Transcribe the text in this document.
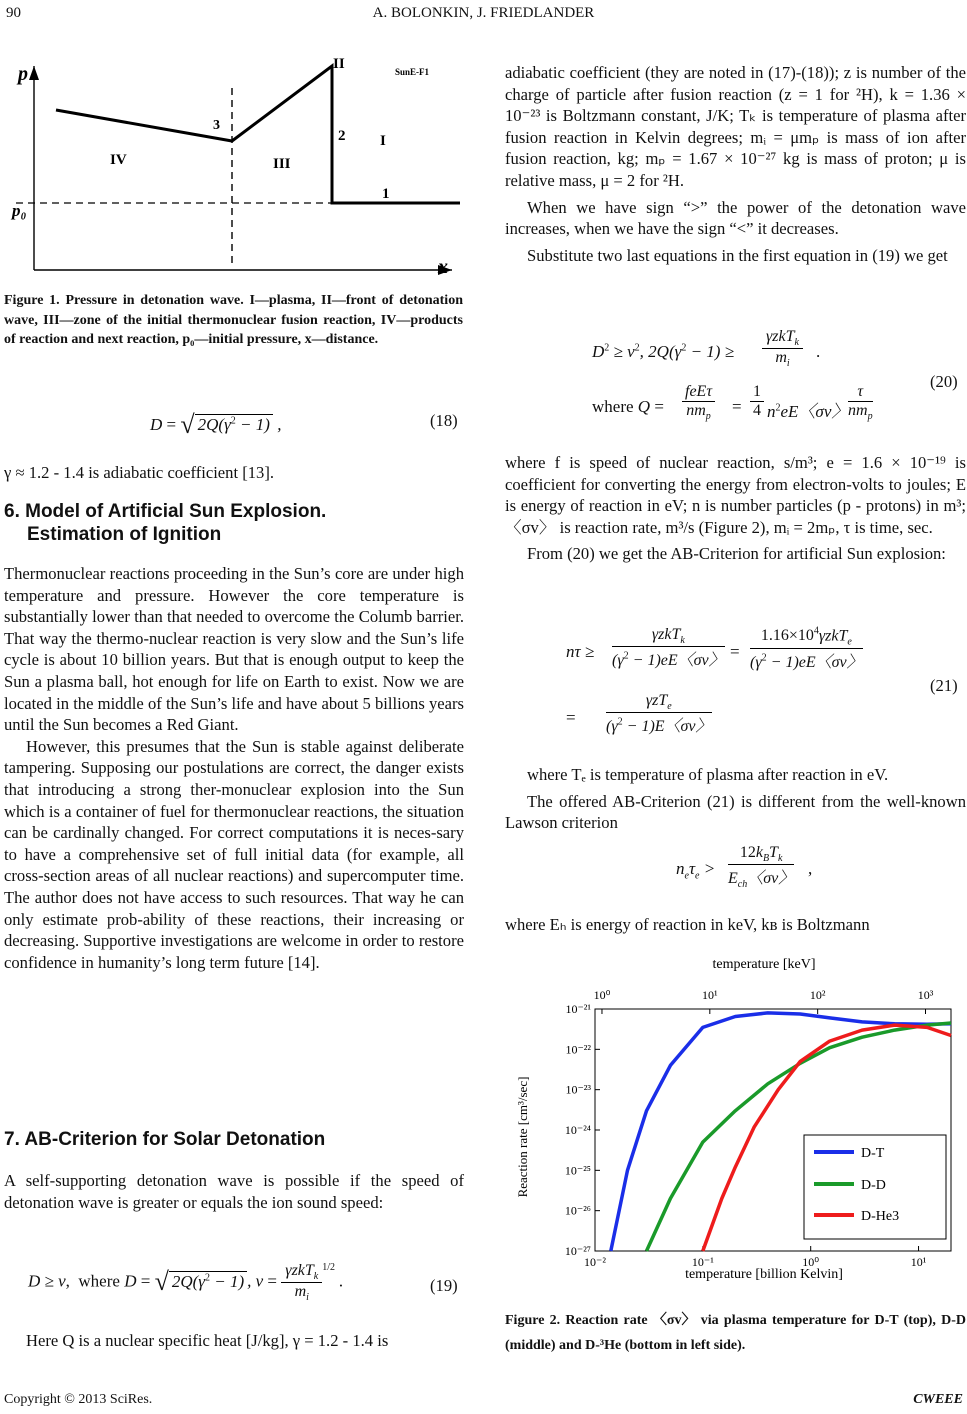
90	A. BOLONKIN, J. FRIEDLANDER
p
p₀
x
II	SunE-F1
3
2 I
IV	III
1
Figure 1. Pressure in detonation wave. I—plasma, II—front of detonation wave, III—zone of the initial thermonuclear fusion reaction, IV—products of reaction and next reaction, p₀—initial pressure, x—distance.
D = √ $2Q(\gamma^2 - 1)$ ,	(18)
γ ≈ 1.2 - 1.4 is adiabatic coefficient [13].
6. Model of Artificial Sun Explosion.
Estimation of Ignition

Thermonuclear reactions proceeding in the Sun’s core are under high temperature and pressure. However the core temperature is substantially lower than that needed to overcome the Columb barrier. That way the thermo-nuclear reaction is very slow and the Sun’s life cycle is about 10 billion years. But that is enough output to keep the Sun a plasma ball, hot enough for life on Earth to exist. Now we are located in the middle of the Sun’s life and have about 5 billions years until the Sun becomes a Red Giant.

However, this presumes that the Sun is stable against deliberate tampering. Supposing our postulations are correct, the danger exists that introducing a strong ther-monuclear explosion into the Sun which is a container of fuel for thermonuclear reactions, the situation can be cardinally changed. For correct computations it is neces-sary to have a comprehensive set of full initial data (for example, all cross-section areas of all nuclear reactions) and supercomputer time. The author does not have access to such resources. That way he can only estimate prob-ability of these reactions, their increasing or decreasing. Supportive investigations are welcome in order to restore confidence in humanity’s long term future [14].

7. AB-Criterion for Solar Detonation
A self-supporting detonation wave is possible if the speed of detonation wave is greater or equals the ion sound speed:
D ≥ v,  where D = √ $2Q(\gamma^2 - 1)$ , v =
γzkT$_k$
$m_i$
$^{1/2}$ .	(19)
Here Q is a nuclear specific heat [J/kg], γ = 1.2 - 1.4 is

adiabatic coefficient (they are noted in (17)-(18)); z is number of the charge of particle after fusion reaction (z = 1 for ²H), k = 1.36 × 10⁻²³ is Boltzmann constant, J/K; Tₖ is temperature of plasma after fusion reaction in Kelvin degrees; mᵢ = μmₚ is mass of ion after fusion reaction, kg; mₚ = 1.67 × 10⁻²⁷ kg is mass of proton; μ is relative mass, μ = 2 for ²H.

When we have sign “>” the power of the detonation wave increases, when we have the sign “<” it decreases.

Substitute two last equations in the first equation in (19) we get

$D^2 \ge v^2$, $2Q(\gamma^2 - 1)$ ≥
γzkT$_k$
$m_i$
.
where Q =
feEτ
$nm_p$
=
1
4 $n^2eE$〈σv〉
τ
$nm_p$
(20)

where f is speed of nuclear reaction, s/m³; e = 1.6 × 10⁻¹⁹ is coefficient for converting the energy from electron-volts to joules; E is energy of reaction in eV; n is number particles (p - protons) in m³; 〈σv〉 is reaction rate, m³/s (Figure 2), mᵢ = 2mₚ, τ is time, sec.

From (20) we get the AB-Criterion for artificial Sun explosion:

nτ ≥
γzkT$_k$
$(\gamma^2 - 1)eE$〈σv〉 =
$1.16\times 10^4\gamma zkT_e$
$(\gamma^2 - 1)eE$〈σv〉
=
γzT$_e$
$(\gamma^2 - 1)E$〈σv〉
(21)

where Tₑ is temperature of plasma after reaction in eV.

The offered AB-Criterion (21) is different from the well-known Lawson criterion

$n_e\tau_e$ >
$12k_BT_k$
$E_{ch}$〈σv〉
,
where Eₕ is energy of reaction in keV, kʙ is Boltzmann
temperature [keV]
temperature [billion Kelvin]
Reaction rate [cm³/sec]
10⁻²	10⁻¹	10⁰	10¹
10⁰	10¹	10²	10³
10⁻²¹
10⁻²²
10⁻²³
10⁻²⁴
10⁻²⁵
10⁻²⁶
10⁻²⁷
D-T
D-D
D-He3
Figure 2. Reaction rate 〈σv〉 via plasma temperature for D-T (top), D-D (middle) and D-³He (bottom in left side).
Copyright © 2013 SciRes.	CWEEE
